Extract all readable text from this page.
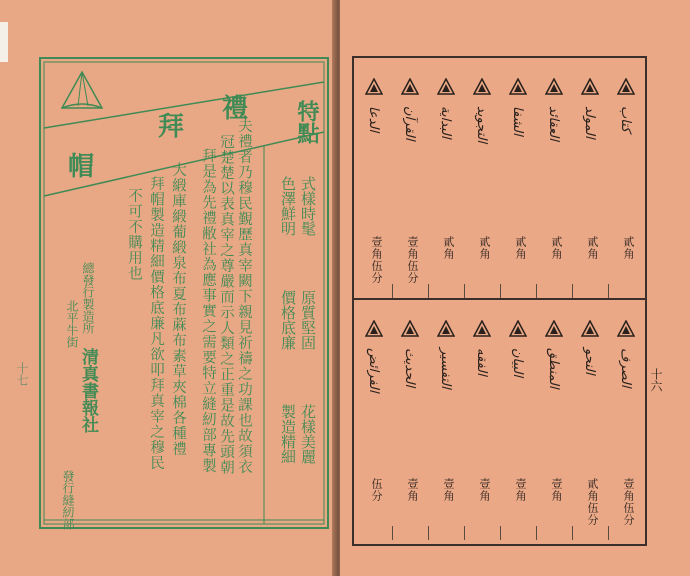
禮
拜
帽
特點
式樣時髦
色澤鮮明
原質堅固
價格底廉
花樣美麗
製造精細
夫禮者乃穆民覲歷真宰闕下親見祈禱之功課也故須衣
冠楚楚以表真宰之尊嚴而示人類之正重是故先頭朝
拜是為先禮敝社為應事實之需要特立縫紉部專製
大緞庫緞葡緞泉布夏布蔴布素草夾棉各種禮
拜帽製造精細價格底廉凡欲叩拜真宰之穆民
不可不購用也
總發行製造所
北平牛街
清真書報社
發行縫紉部
十七	十六
ﻛﺘﺎﺏ
貳角
ﺍﻟﻤﻮﻟﺪ
貳角
ﺍﻟﻌﻘﺎﺋﺪ
貳角
ﺍﻟﺸﻔﺎ
貳角
ﺍﻟﺘﺠﻮﻳﺪ
貳角
ﺍﻟﺒﺪﺍﻳﺔ
貳角
ﺍﻟﻘﺮﺁﻥ
壹角伍分
ﺍﻟﺪﻋﺎ
壹角伍分
ﺍﻟﺼﺮﻑ
壹角伍分
ﺍﻟﻨﺤﻮ
貳角伍分
ﺍﻟﻤﻨﻄﻖ
壹角
ﺍﻟﺒﻴﺎﻥ
壹角
ﺍﻟﻔﻘﻪ
壹角
ﺍﻟﺘﻔﺴﻴﺮ
壹角
ﺍﻟﺤﺪﻳﺚ
壹角
ﺍﻟﻔﺮﺍﺋﺾ
伍分
